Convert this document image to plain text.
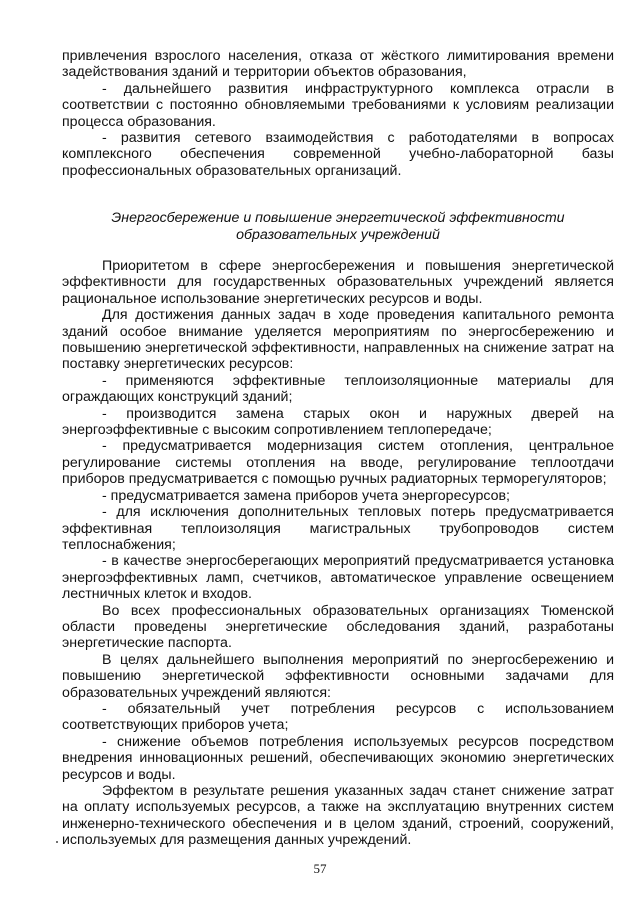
привлечения взрослого населения, отказа от жёсткого лимитирования времени задействования зданий и территории объектов образования,

- дальнейшего развития инфраструктурного комплекса отрасли в соответствии с постоянно обновляемыми требованиями к условиям реализации процесса образования.

- развития сетевого взаимодействия с работодателями в вопросах комплексного обеспечения современной учебно-лабораторной базы профессиональных образовательных организаций.

Энергосбережение и повышение энергетической эффективности
образовательных учреждений

Приоритетом в сфере энергосбережения и повышения энергетической эффективности для государственных образовательных учреждений является рациональное использование энергетических ресурсов и воды.

Для достижения данных задач в ходе проведения капитального ремонта зданий особое внимание уделяется мероприятиям по энергосбережению и повышению энергетической эффективности, направленных на снижение затрат на поставку энергетических ресурсов:

- применяются эффективные теплоизоляционные материалы для ограждающих конструкций зданий;

- производится замена старых окон и наружных дверей на энергоэффективные с высоким сопротивлением теплопередаче;

- предусматривается модернизация систем отопления, центральное регулирование системы отопления на вводе, регулирование теплоотдачи приборов предусматривается с помощью ручных радиаторных терморегуляторов;

- предусматривается замена приборов учета энергоресурсов;

- для исключения дополнительных тепловых потерь предусматривается эффективная теплоизоляция магистральных трубопроводов систем теплоснабжения;

- в качестве энергосберегающих мероприятий предусматривается установка энергоэффективных ламп, счетчиков, автоматическое управление освещением лестничных клеток и входов.

Во всех профессиональных образовательных организациях Тюменской области проведены энергетические обследования зданий, разработаны энергетические паспорта.

В целях дальнейшего выполнения мероприятий по энергосбережению и повышению энергетической эффективности основными задачами для образовательных учреждений являются:

- обязательный учет потребления ресурсов с использованием соответствующих приборов учета;

- снижение объемов потребления используемых ресурсов посредством внедрения инновационных решений, обеспечивающих экономию энергетических ресурсов и воды.

Эффектом в результате решения указанных задач станет снижение затрат на оплату используемых ресурсов, а также на эксплуатацию внутренних систем инженерно-технического обеспечения и в целом зданий, строений, сооружений, используемых для размещения данных учреждений.

57
